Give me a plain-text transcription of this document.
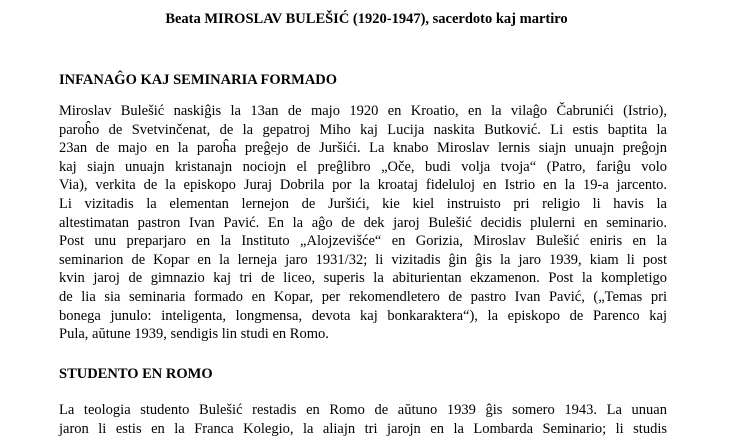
Beata MIROSLAV BULEŠIĆ (1920-1947), sacerdoto kaj martiro
INFANAĜO KAJ SEMINARIA FORMADO
Miroslav Bulešić naskiĝis la 13an de majo 1920 en Kroatio, en la vilaĝo Čabrunići (Istrio),
paroĥo de Svetvinčenat, de la gepatroj Miho kaj Lucija naskita Butković. Li estis baptita la
23an de majo en la paroĥa preĝejo de Juršići. La knabo Miroslav lernis siajn unuajn preĝojn
kaj siajn unuajn kristanajn nociojn el preĝlibro „Oče, budi volja tvoja“ (Patro, fariĝu volo
Via), verkita de la episkopo Juraj Dobrila por la kroataj fideluloj en Istrio en la 19-a jarcento.
Li vizitadis la elementan lernejon de Juršići, kie kiel instruisto pri religio li havis la
altestimatan pastron Ivan Pavić. En la aĝo de dek jaroj Bulešić decidis plulerni en seminario.
Post unu preparjaro en la Instituto „Alojzevišće“ en Gorizia, Miroslav Bulešić eniris en la
seminarion de Kopar en la lerneja jaro 1931/32; li vizitadis ĝin ĝis la jaro 1939, kiam li post
kvin jaroj de gimnazio kaj tri de liceo, superis la abiturientan ekzamenon. Post la kompletigo
de lia sia seminaria formado en Kopar, per rekomendletero de pastro Ivan Pavić, („Temas pri
bonega junulo: inteligenta, longmensa, devota kaj bonkaraktera“), la episkopo de Parenco kaj
Pula, aŭtune 1939, sendigis lin studi en Romo.
STUDENTO EN ROMO
La teologia studento Bulešić restadis en Romo de aŭtuno 1939 ĝis somero 1943. La unuan
jaron li estis en la Franca Kolegio, la aliajn tri jarojn en la Lombarda Seminario; li studis
